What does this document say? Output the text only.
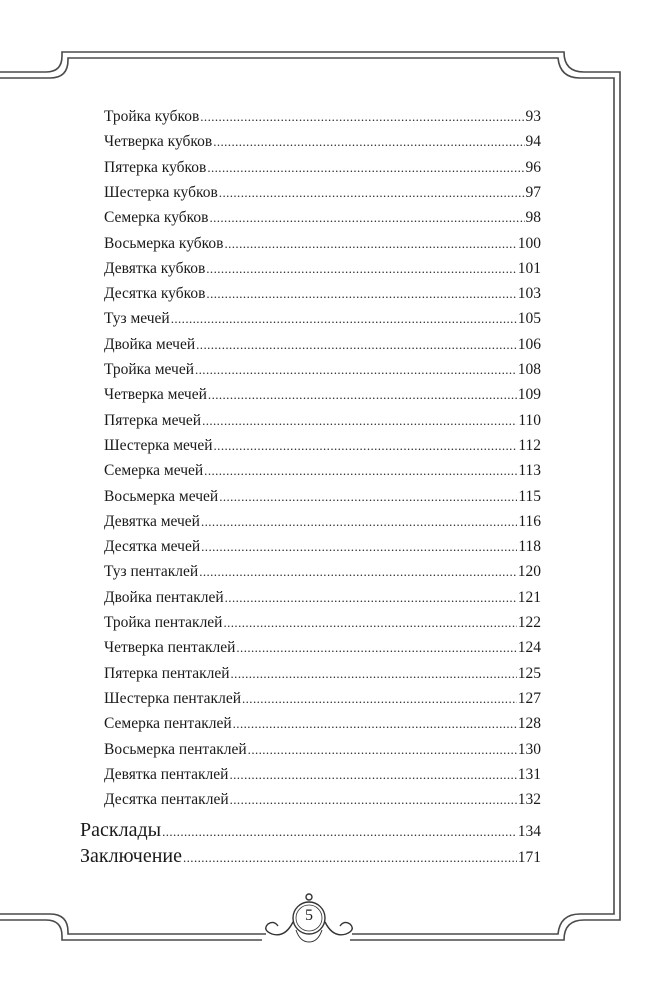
Тройка кубков .....	93
Четверка кубков .....	94
Пятерка кубков .....	96
Шестерка кубков .....	97
Семерка кубков .....	98
Восьмерка кубков .....	100
Девятка кубков .....	101
Десятка кубков .....	103
Туз мечей .....	105
Двойка мечей .....	106
Тройка мечей .....	108
Четверка мечей .....	109
Пятерка мечей .....	110
Шестерка мечей .....	112
Семерка мечей .....	113
Восьмерка мечей .....	115
Девятка мечей .....	116
Десятка мечей .....	118
Туз пентаклей .....	120
Двойка пентаклей .....	121
Тройка пентаклей .....	122
Четверка пентаклей .....	124
Пятерка пентаклей .....	125
Шестерка пентаклей .....	127
Семерка пентаклей .....	128
Восьмерка пентаклей .....	130
Девятка пентаклей .....	131
Десятка пентаклей .....	132
Расклады .....	134
Заключение .....	171
5
